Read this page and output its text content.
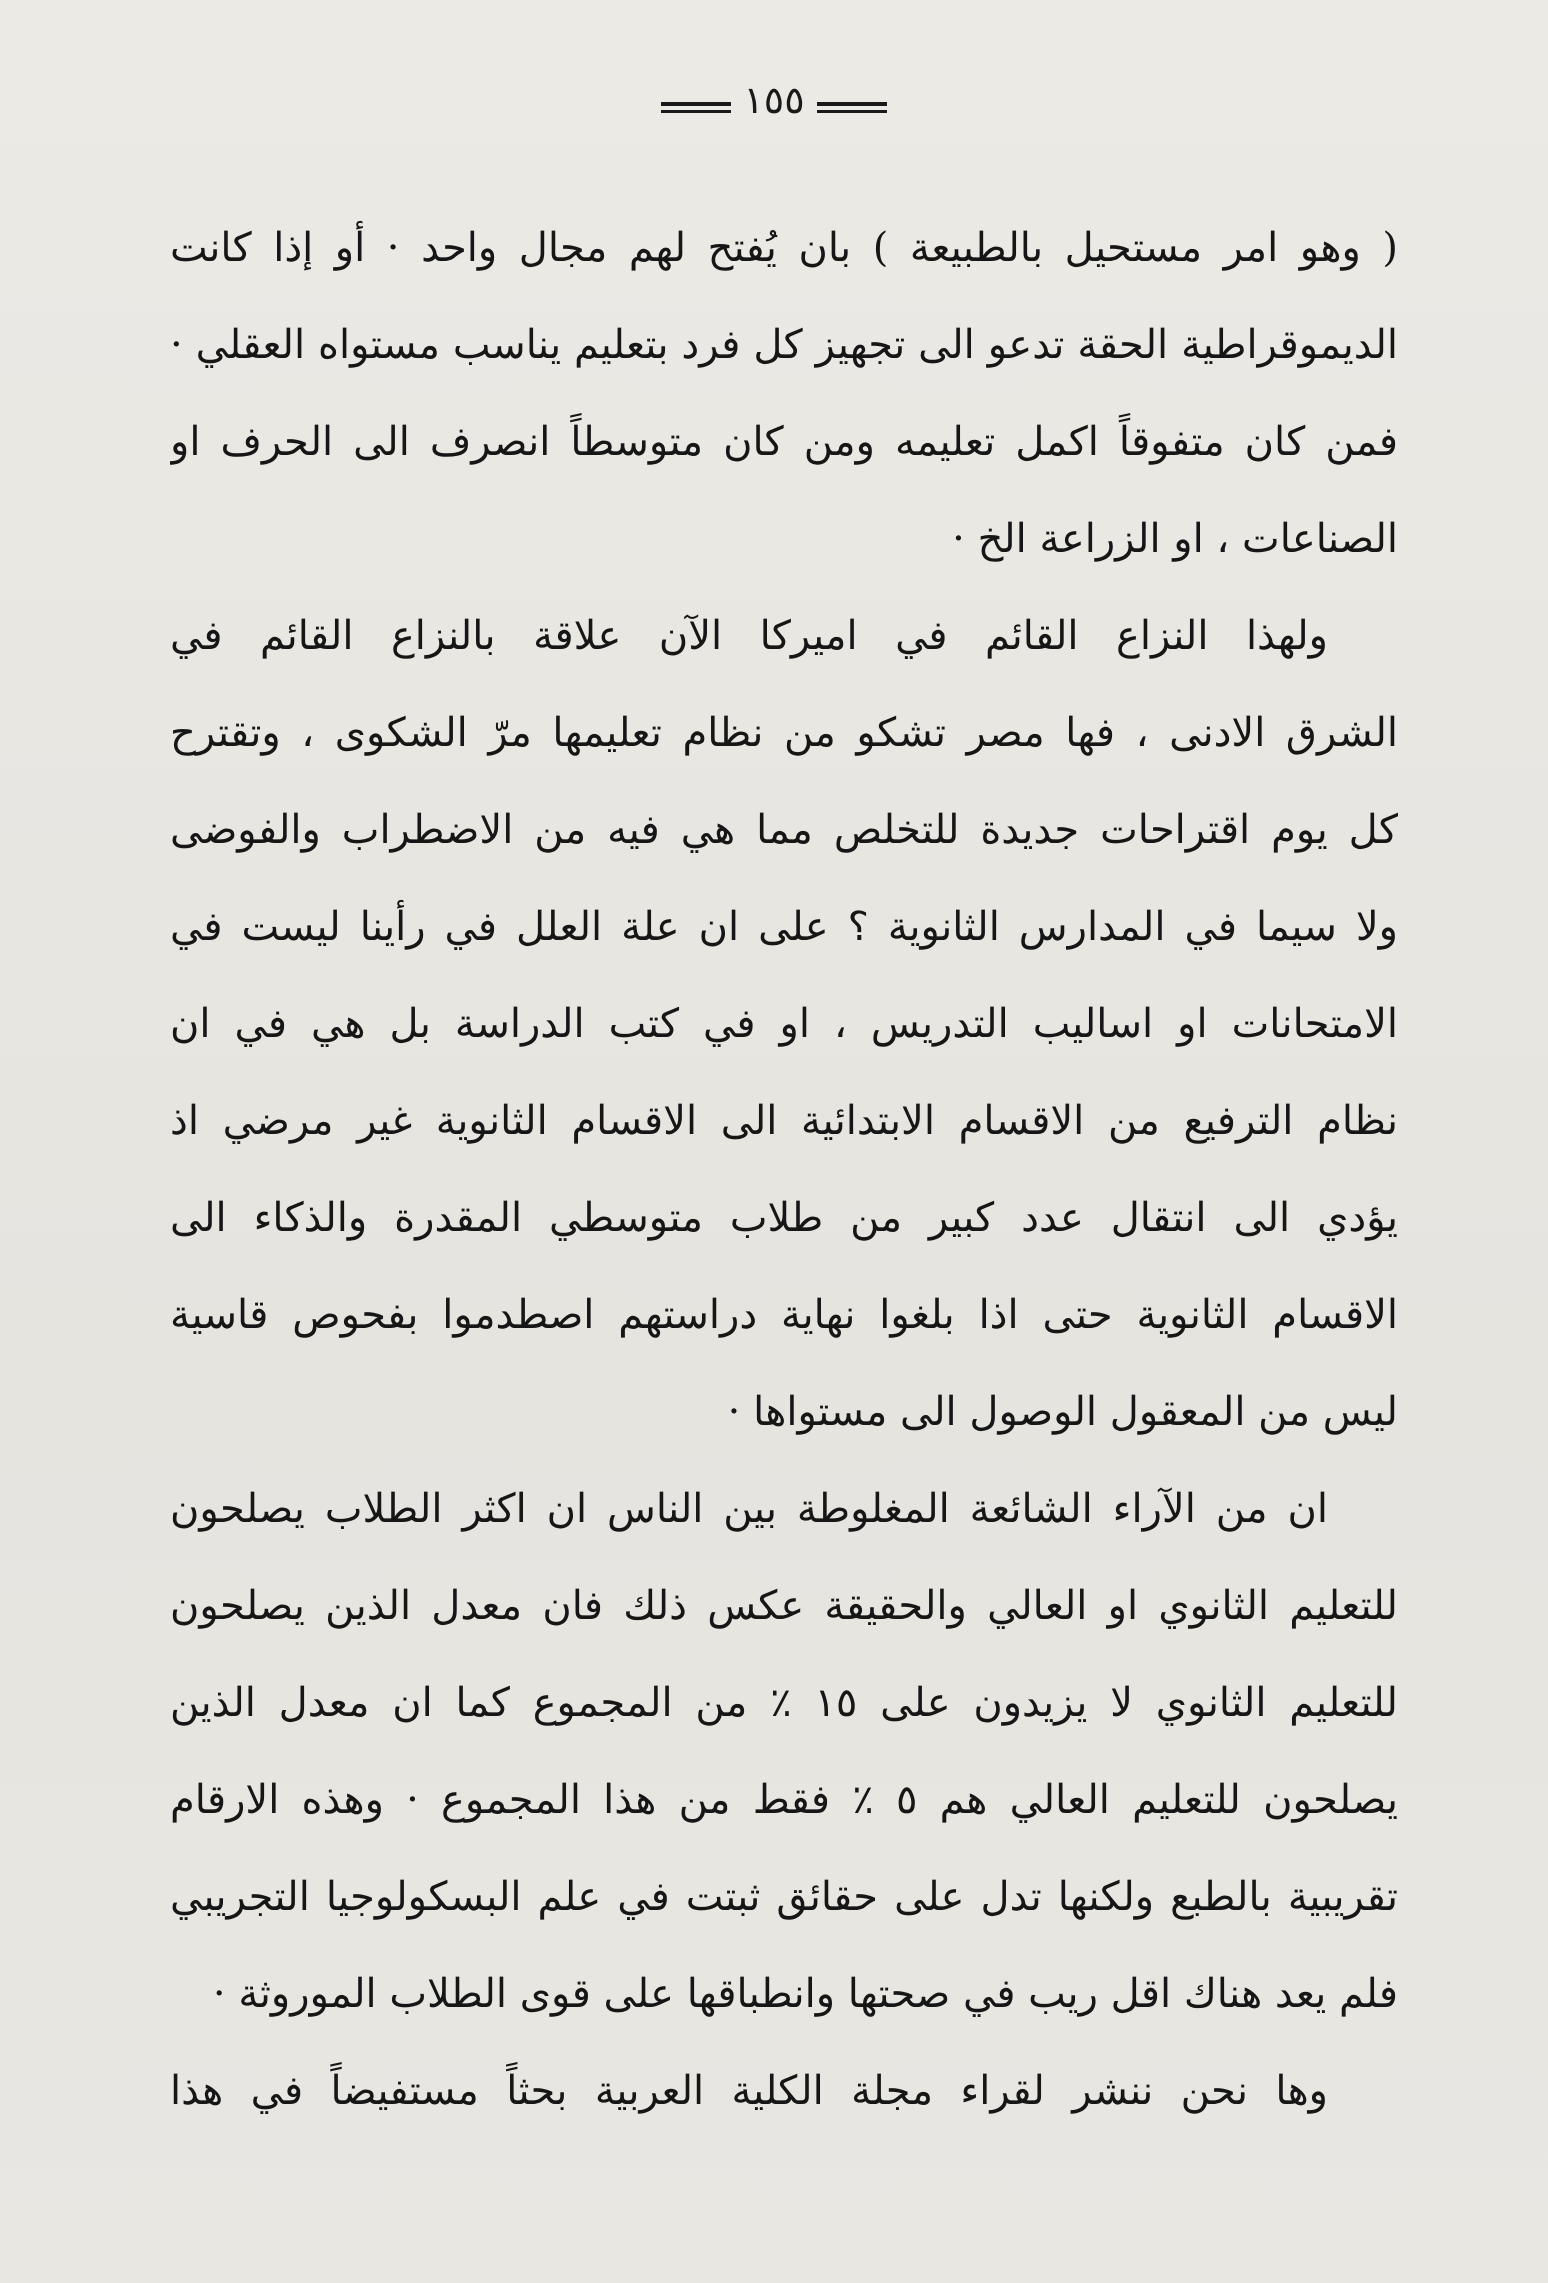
١٥٥
( وهو امر مستحيل بالطبيعة ) بان يُفتح لهم مجال واحد · أو إذا كانت
الديموقراطية الحقة تدعو الى تجهيز كل فرد بتعليم يناسب مستواه العقلي ·
فمن كان متفوقاً اكمل تعليمه ومن كان متوسطاً انصرف الى الحرف او
الصناعات ، او الزراعة الخ ·
ولهذا النزاع القائم في اميركا الآن علاقة بالنزاع القائم في
الشرق الادنى ، فها مصر تشكو من نظام تعليمها مرّ الشكوى ، وتقترح
كل يوم اقتراحات جديدة للتخلص مما هي فيه من الاضطراب والفوضى
ولا سيما في المدارس الثانوية ؟ على ان علة العلل في رأينا ليست في
الامتحانات او اساليب التدريس ، او في كتب الدراسة بل هي في ان
نظام الترفيع من الاقسام الابتدائية الى الاقسام الثانوية غير مرضي اذ
يؤدي الى انتقال عدد كبير من طلاب متوسطي المقدرة والذكاء الى
الاقسام الثانوية حتى اذا بلغوا نهاية دراستهم اصطدموا بفحوص قاسية
ليس من المعقول الوصول الى مستواها ·
ان من الآراء الشائعة المغلوطة بين الناس ان اكثر الطلاب يصلحون
للتعليم الثانوي او العالي والحقيقة عكس ذلك فان معدل الذين يصلحون
للتعليم الثانوي لا يزيدون على ١٥ ٪ من المجموع كما ان معدل الذين
يصلحون للتعليم العالي هم ٥ ٪ فقط من هذا المجموع · وهذه الارقام
تقريبية بالطبع ولكنها تدل على حقائق ثبتت في علم البسكولوجيا التجريبي
فلم يعد هناك اقل ريب في صحتها وانطباقها على قوى الطلاب الموروثة ·
وها نحن ننشر لقراء مجلة الكلية العربية بحثاً مستفيضاً في هذا
